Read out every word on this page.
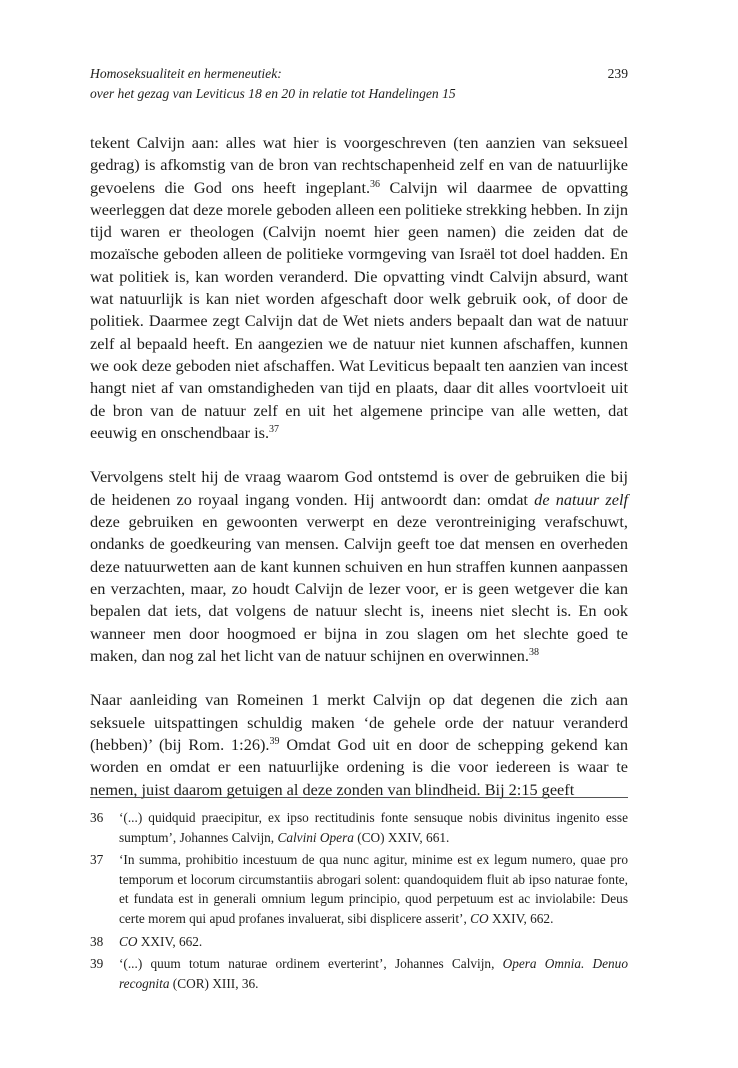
Homoseksualiteit en hermeneutiek:
over het gezag van Leviticus 18 en 20 in relatie tot Handelingen 15
239

tekent Calvijn aan: alles wat hier is voorgeschreven (ten aanzien van seksueel gedrag) is afkomstig van de bron van rechtschapenheid zelf en van de natuurlijke gevoelens die God ons heeft ingeplant.$^{36}$ Calvijn wil daarmee de opvatting weerleggen dat deze morele geboden alleen een politieke strekking hebben. In zijn tijd waren er theologen (Calvijn noemt hier geen namen) die zeiden dat de mozaïsche geboden alleen de politieke vormgeving van Israël tot doel hadden. En wat politiek is, kan worden veranderd. Die opvatting vindt Calvijn absurd, want wat natuurlijk is kan niet worden afgeschaft door welk gebruik ook, of door de politiek. Daarmee zegt Calvijn dat de Wet niets anders bepaalt dan wat de natuur zelf al bepaald heeft. En aangezien we de natuur niet kunnen afschaffen, kunnen we ook deze geboden niet afschaffen. Wat Leviticus bepaalt ten aanzien van incest hangt niet af van omstandigheden van tijd en plaats, daar dit alles voortvloeit uit de bron van de natuur zelf en uit het algemene principe van alle wetten, dat eeuwig en onschendbaar is.$^{37}$

Vervolgens stelt hij de vraag waarom God ontstemd is over de gebruiken die bij de heidenen zo royaal ingang vonden. Hij antwoordt dan: omdat de natuur zelf deze gebruiken en gewoonten verwerpt en deze verontreiniging verafschuwt, ondanks de goedkeuring van mensen. Calvijn geeft toe dat mensen en overheden deze natuurwetten aan de kant kunnen schuiven en hun straffen kunnen aanpassen en verzachten, maar, zo houdt Calvijn de lezer voor, er is geen wetgever die kan bepalen dat iets, dat volgens de natuur slecht is, ineens niet slecht is. En ook wanneer men door hoogmoed er bijna in zou slagen om het slechte goed te maken, dan nog zal het licht van de natuur schijnen en overwinnen.$^{38}$

Naar aanleiding van Romeinen 1 merkt Calvijn op dat degenen die zich aan seksuele uitspattingen schuldig maken ‘de gehele orde der natuur veranderd (hebben)’ (bij Rom. 1:26).$^{39}$ Omdat God uit en door de schepping gekend kan worden en omdat er een natuurlijke ordening is die voor iedereen is waar te nemen, juist daarom getuigen al deze zonden van blindheid. Bij 2:15 geeft

36 ‘(...) quidquid praecipitur, ex ipso rectitudinis fonte sensuque nobis divinitus ingenito esse sumptum’, Johannes Calvijn, Calvini Opera (CO) XXIV, 661.
37 ‘In summa, prohibitio incestuum de qua nunc agitur, minime est ex legum numero, quae pro temporum et locorum circumstantiis abrogari solent: quandoquidem fluit ab ipso naturae fonte, et fundata est in generali omnium legum principio, quod perpetuum est ac inviolabile: Deus certe morem qui apud profanes invaluerat, sibi displicere asserit’, CO XXIV, 662.
38 CO XXIV, 662.
39 ‘(...) quum totum naturae ordinem everterint’, Johannes Calvijn, Opera Omnia. Denuo recognita (COR) XIII, 36.
